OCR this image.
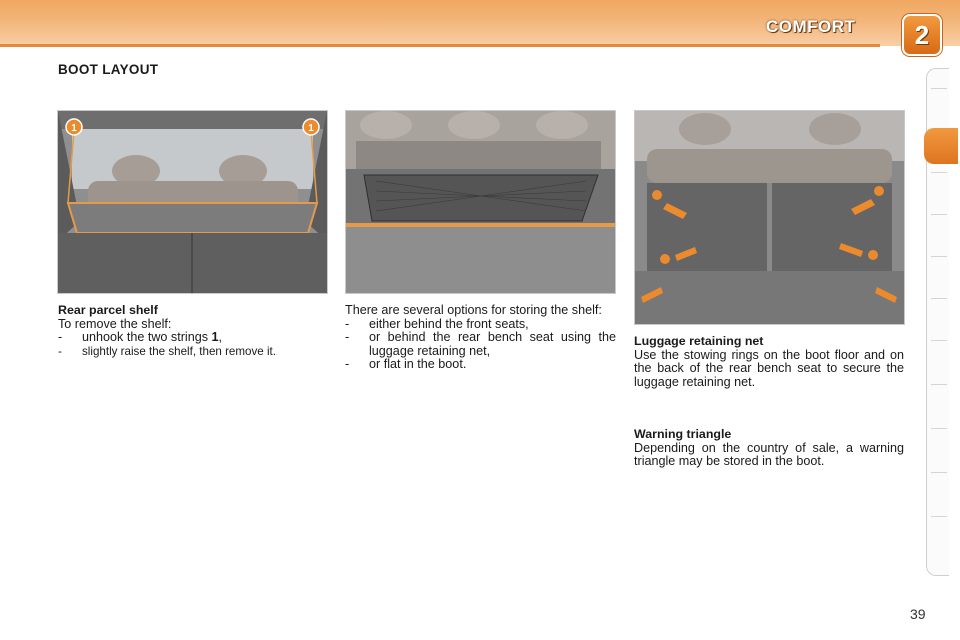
COMFORT	2
BOOT LAYOUT
1	1

Rear parcel shelf

To remove the shelf:

- unhook the two strings 1,

- slightly raise the shelf, then remove it.

There are several options for storing the shelf:

- either behind the front seats,

- or behind the rear bench seat using the luggage retaining net,

- or flat in the boot.

Luggage retaining net

Use the stowing rings on the boot floor and on the back of the rear bench seat to secure the luggage retaining net.

Warning triangle

Depending on the country of sale, a warning triangle may be stored in the boot.

39
